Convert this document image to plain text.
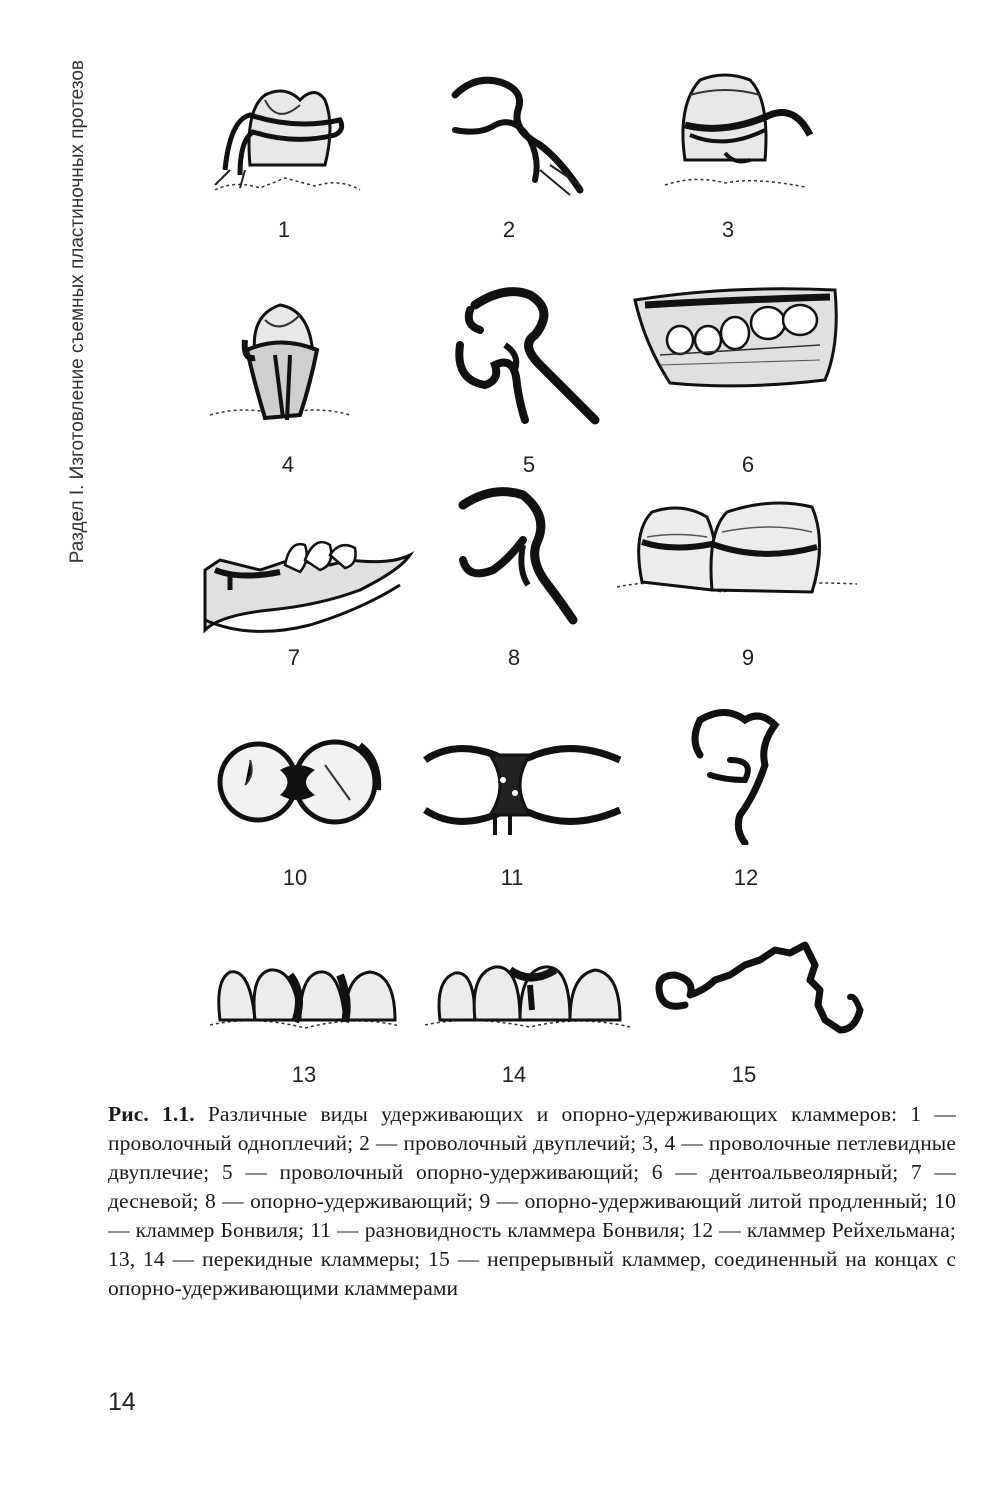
Раздел I. Изготовление съемных пластиночных протезов	1	2	3
4	5	6
7	8	9
10	11	12
13	14	15
Рис. 1.1. Различные виды удерживающих и опорно-удерживающих кламмеров: 1 — проволочный одноплечий; 2 — проволочный двуплечий; 3, 4 — проволочные петлевидные двуплечие; 5 — проволочный опорно-удерживающий; 6 — дентоальвеолярный; 7 — десневой; 8 — опорно-удерживающий; 9 — опорно-удерживающий литой продленный; 10 — кламмер Бонвиля; 11 — разновидность кламмера Бонвиля; 12 — кламмер Рейхельмана; 13, 14 — перекидные кламмеры; 15 — непрерывный кламмер, соединенный на концах с опорно-удерживающими кламмерами
14
